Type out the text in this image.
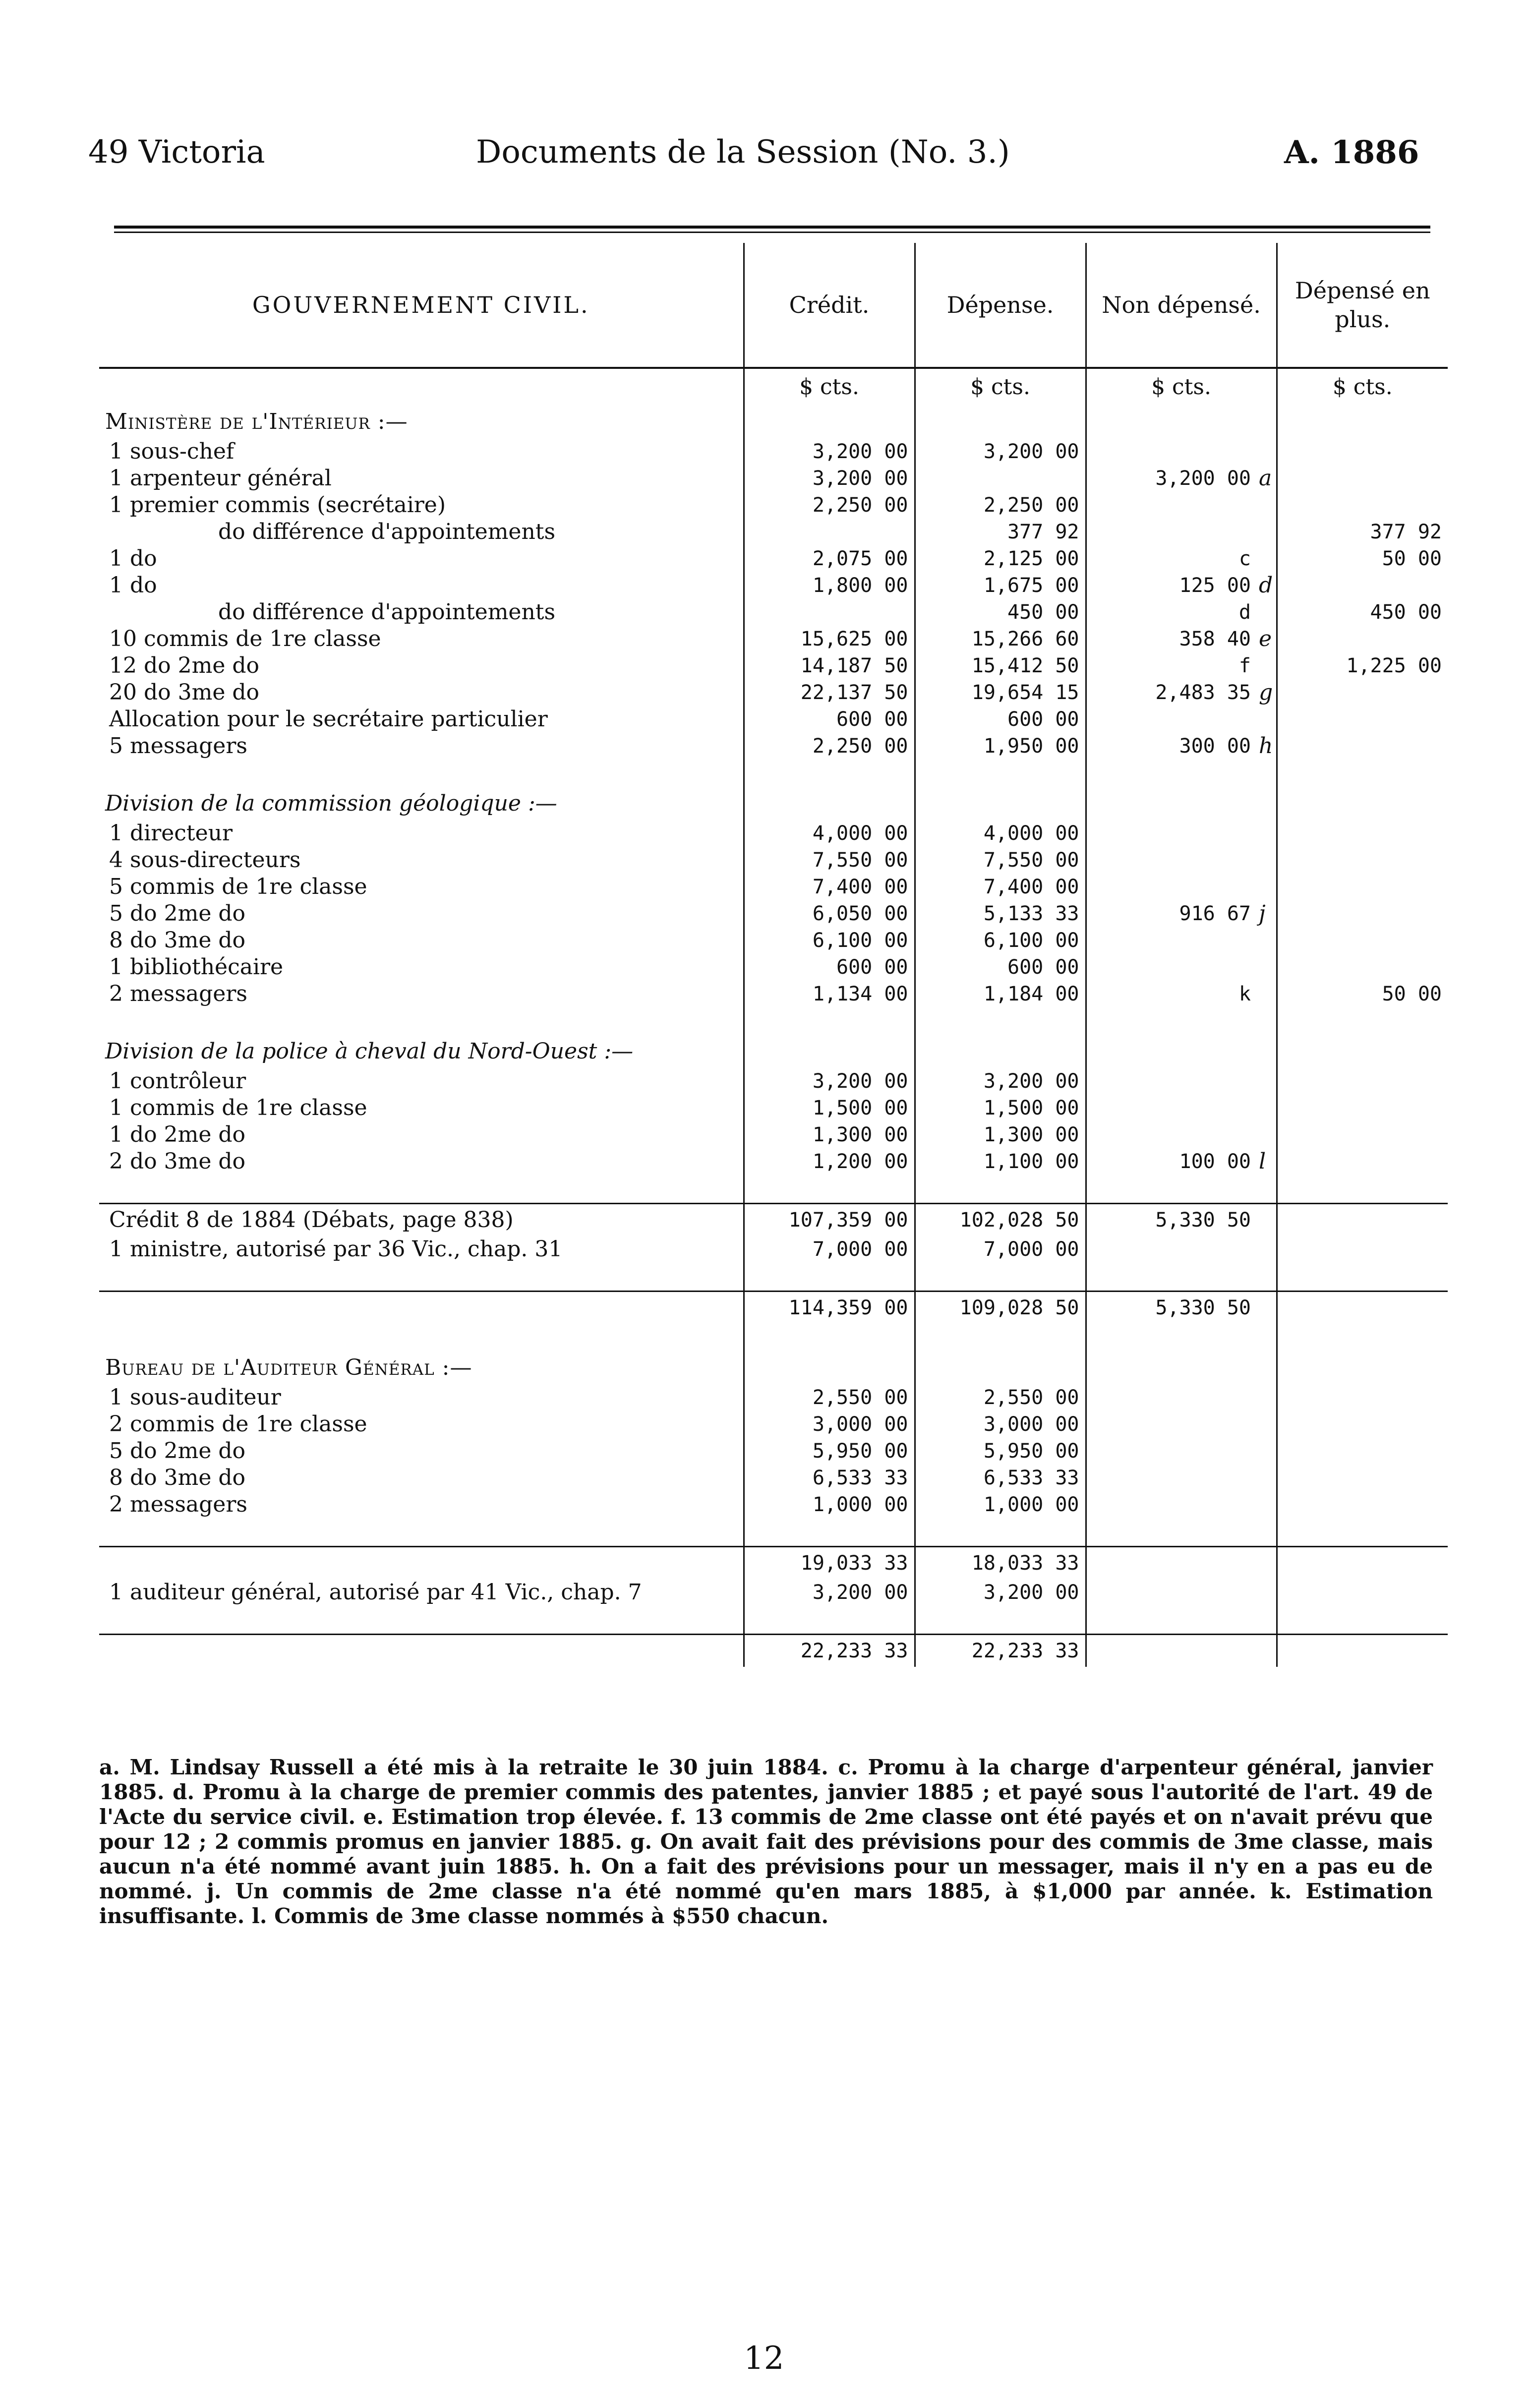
49 Victoria	Documents de la Session (No. 3.)	A. 1886
GOUVERNEMENT CIVIL.	Crédit.	Dépense.	Non dépensé.		Dépensé en plus.
	$ cts.	$ cts.	$ cts.		$ cts.
Ministère de l'Intérieur :—					
1 sous-chef	3,200 00	3,200 00			
1 arpenteur général	3,200 00		3,200 00	a	
1 premier commis (secrétaire)	2,250 00	2,250 00			
do différence d'appointements		377 92			377 92
1 do	2,075 00	2,125 00	c		50 00
1 do	1,800 00	1,675 00	125 00	d	
do différence d'appointements		450 00	d		450 00
10 commis de 1re classe	15,625 00	15,266 60	358 40	e	
12 do 2me do	14,187 50	15,412 50	f		1,225 00
20 do 3me do	22,137 50	19,654 15	2,483 35	g	
Allocation pour le secrétaire particulier	600 00	600 00			
5 messagers	2,250 00	1,950 00	300 00	h	

Division de la commission géologique :—					
1 directeur	4,000 00	4,000 00			
4 sous-directeurs	7,550 00	7,550 00			
5 commis de 1re classe	7,400 00	7,400 00			
5 do 2me do	6,050 00	5,133 33	916 67	j	
8 do 3me do	6,100 00	6,100 00			
1 bibliothécaire	600 00	600 00			
2 messagers	1,134 00	1,184 00	k		50 00

Division de la police à cheval du Nord-Ouest :—					
1 contrôleur	3,200 00	3,200 00			
1 commis de 1re classe	1,500 00	1,500 00			
1 do 2me do	1,300 00	1,300 00			
2 do 3me do	1,200 00	1,100 00	100 00	l	

Crédit 8 de 1884 (Débats, page 838)	107,359 00	102,028 50	5,330 50		
1 ministre, autorisé par 36 Vic., chap. 31	7,000 00	7,000 00			

	114,359 00	109,028 50	5,330 50		

Bureau de l'Auditeur Général :—					
1 sous-auditeur	2,550 00	2,550 00			
2 commis de 1re classe	3,000 00	3,000 00			
5 do 2me do	5,950 00	5,950 00			
8 do 3me do	6,533 33	6,533 33			
2 messagers	1,000 00	1,000 00			

	19,033 33	18,033 33			
1 auditeur général, autorisé par 41 Vic., chap. 7	3,200 00	3,200 00			

	22,233 33	22,233 33			
a. M. Lindsay Russell a été mis à la retraite le 30 juin 1884. c. Promu à la charge d'arpenteur général, janvier 1885. d. Promu à la charge de premier commis des patentes, janvier 1885 ; et payé sous l'autorité de l'art. 49 de l'Acte du service civil. e. Estimation trop élevée. f. 13 commis de 2me classe ont été payés et on n'avait prévu que pour 12 ; 2 commis promus en janvier 1885. g. On avait fait des prévisions pour des commis de 3me classe, mais aucun n'a été nommé avant juin 1885. h. On a fait des prévisions pour un messager, mais il n'y en a pas eu de nommé. j. Un commis de 2me classe n'a été nommé qu'en mars 1885, à $1,000 par année. k. Estimation insuffisante. l. Commis de 3me classe nommés à $550 chacun.
12
